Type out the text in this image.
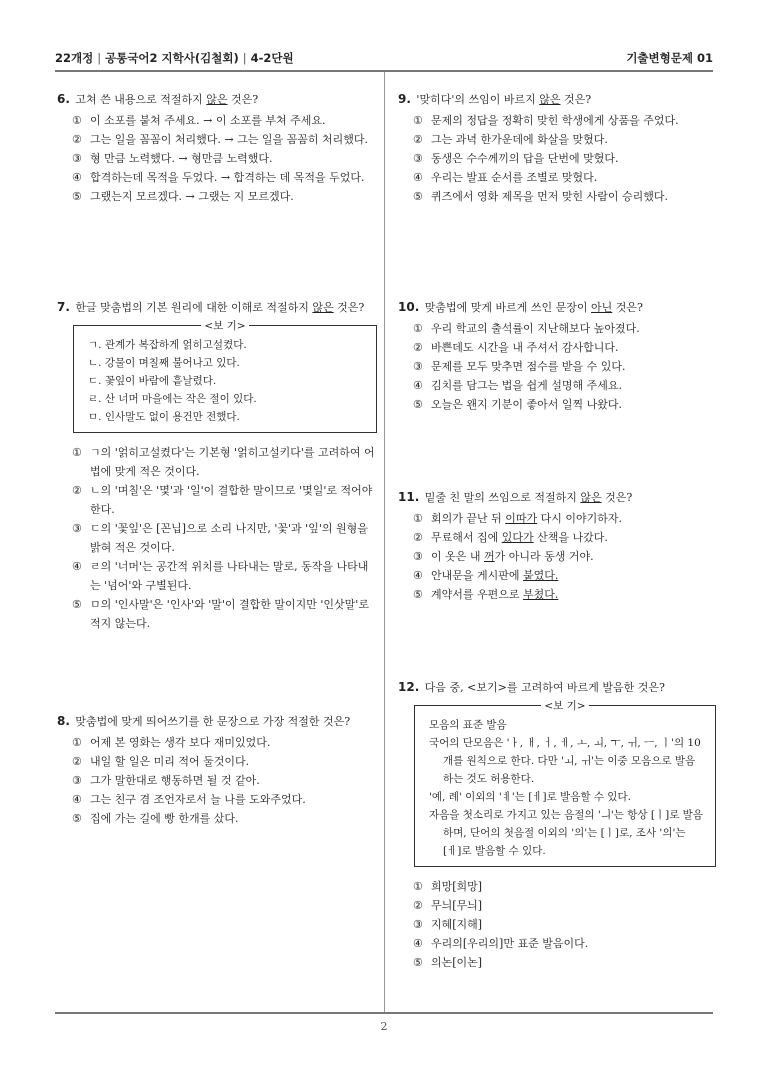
22개정 | 공통국어2 지학사(김철회) | 4-2단원	기출변형문제 01
6. 고쳐 쓴 내용으로 적절하지 않은 것은?
① 이 소포를 붙쳐 주세요. → 이 소포를 부쳐 주세요.
② 그는 일을 꼼꼼이 처리했다. → 그는 일을 꼼꼼히 처리했다.
③ 형 만큼 노력했다. → 형만큼 노력했다.
④ 합격하는데 목적을 두었다. → 합격하는 데 목적을 두었다.
⑤ 그랬는지 모르겠다. → 그랬는 지 모르겠다.
7. 한글 맞춤법의 기본 원리에 대한 이해로 적절하지 않은 것은?
<보 기>
ㄱ. 관계가 복잡하게 얽히고설켰다.
ㄴ. 강물이 며칠째 불어나고 있다.
ㄷ. 꽃잎이 바람에 흩날렸다.
ㄹ. 산 너머 마을에는 작은 절이 있다.
ㅁ. 인사말도 없이 용건만 전했다.
① ㄱ의 '얽히고설켰다'는 기본형 '얽히고설키다'를 고려하여 어법에 맞게 적은 것이다.
② ㄴ의 '며칠'은 '몇'과 '일'이 결합한 말이므로 '몇일'로 적어야 한다.
③ ㄷ의 '꽃잎'은 [꼰닙]으로 소리 나지만, '꽃'과 '잎'의 원형을 밝혀 적은 것이다.
④ ㄹ의 '너머'는 공간적 위치를 나타내는 말로, 동작을 나타내는 '넘어'와 구별된다.
⑤ ㅁ의 '인사말'은 '인사'와 '말'이 결합한 말이지만 '인삿말'로 적지 않는다.
8. 맞춤법에 맞게 띄어쓰기를 한 문장으로 가장 적절한 것은?
① 어제 본 영화는 생각 보다 재미있었다.
② 내일 할 일은 미리 적어 둘것이다.
③ 그가 말한대로 행동하면 될 것 같아.
④ 그는 친구 겸 조언자로서 늘 나를 도와주었다.
⑤ 집에 가는 길에 빵 한개를 샀다.
9. '맞히다'의 쓰임이 바르지 않은 것은?
① 문제의 정답을 정확히 맞힌 학생에게 상품을 주었다.
② 그는 과녁 한가운데에 화살을 맞혔다.
③ 동생은 수수께끼의 답을 단번에 맞혔다.
④ 우리는 발표 순서를 조별로 맞혔다.
⑤ 퀴즈에서 영화 제목을 먼저 맞힌 사람이 승리했다.
10. 맞춤법에 맞게 바르게 쓰인 문장이 아닌 것은?
① 우리 학교의 출석률이 지난해보다 높아졌다.
② 바쁜데도 시간을 내 주셔서 감사합니다.
③ 문제를 모두 맞추면 점수를 받을 수 있다.
④ 김치를 담그는 법을 쉽게 설명해 주세요.
⑤ 오늘은 왠지 기분이 좋아서 일찍 나왔다.
11. 밑줄 친 말의 쓰임으로 적절하지 않은 것은?
① 회의가 끝난 뒤 이따가 다시 이야기하자.
② 무료해서 집에 있다가 산책을 나갔다.
③ 이 옷은 내 꺼가 아니라 동생 거야.
④ 안내문을 게시판에 붙였다.
⑤ 계약서를 우편으로 부쳤다.
12. 다음 중, <보기>를 고려하여 바르게 발음한 것은?
<보 기>
모음의 표준 발음
국어의 단모음은 'ㅏ, ㅐ, ㅓ, ㅔ, ㅗ, ㅚ, ㅜ, ㅟ, ㅡ, ㅣ'의 10개를 원칙으로 한다. 다만 'ㅚ, ㅟ'는 이중 모음으로 발음하는 것도 허용한다.
'예, 례' 이외의 'ㅖ'는 [ㅔ]로 발음할 수 있다.
자음을 첫소리로 가지고 있는 음절의 'ㅢ'는 항상 [ㅣ]로 발음하며, 단어의 첫음절 이외의 '의'는 [ㅣ]로, 조사 '의'는 [ㅔ]로 발음할 수 있다.
① 희망[희망]
② 무늬[무늬]
③ 지혜[지해]
④ 우리의[우리의]만 표준 발음이다.
⑤ 의논[이논]
2
